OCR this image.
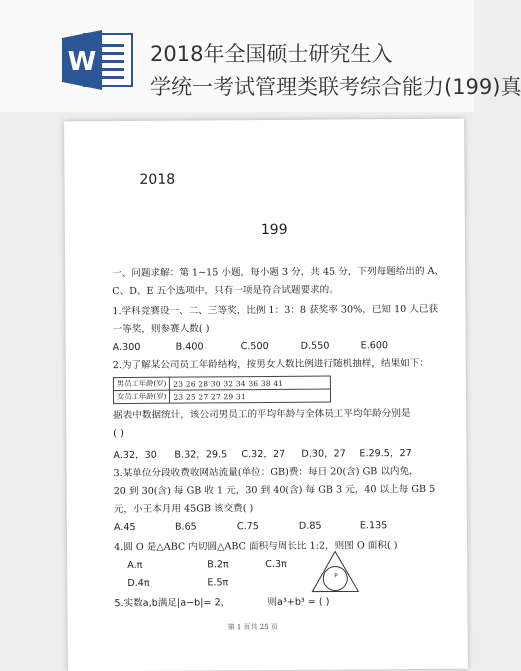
W	2018年全国硕士研究生入
学统一考试管理类联考综合能力(199)真
2018
199
一、问题求解：第 1~15 小题，每小题 3 分，共 45 分，下列每题给出的 A、
C、D、E 五个选项中，只有一项是符合试题要求的。
1.学科竞赛设一、二、三等奖，比例 1：3：8 获奖率 30%，已知 10 人已获
一等奖，则参赛人数( )
A.300	B.400	C.500	D.550	E.600
2.为了解某公司员工年龄结构，按男女人数比例进行随机抽样，结果如下：
男员工年龄(岁)	23 26 28 30 32 34 36 38 41
女员工年龄(岁)	23 25 27 27 29 31
据表中数据统计，该公司男员工的平均年龄与全体员工平均年龄分别是
( )
A.32，30 B.32，29.5 C.32，27 D.30，27 E.29.5，27
3.某单位分段收费收网站流量(单位：GB)费：每日 20(含) GB 以内免，
20 到 30(含) 每 GB 收 1 元，30 到 40(含) 每 GB 3 元，40 以上每 GB 5
元，小王本月用 45GB 该交费( )
A.45	B.65	C.75	D.85	E.135
4.圆 O 是△ABC 内切圆△ABC 面积与周长比 1:2，则图 O 面积( )
A.π	B.2π	C.3π
D.4π	E.5π
P
5.实数a,b满足|a−b|= 2，	则a³+b³ = ( )
第 1 页共 25 页
